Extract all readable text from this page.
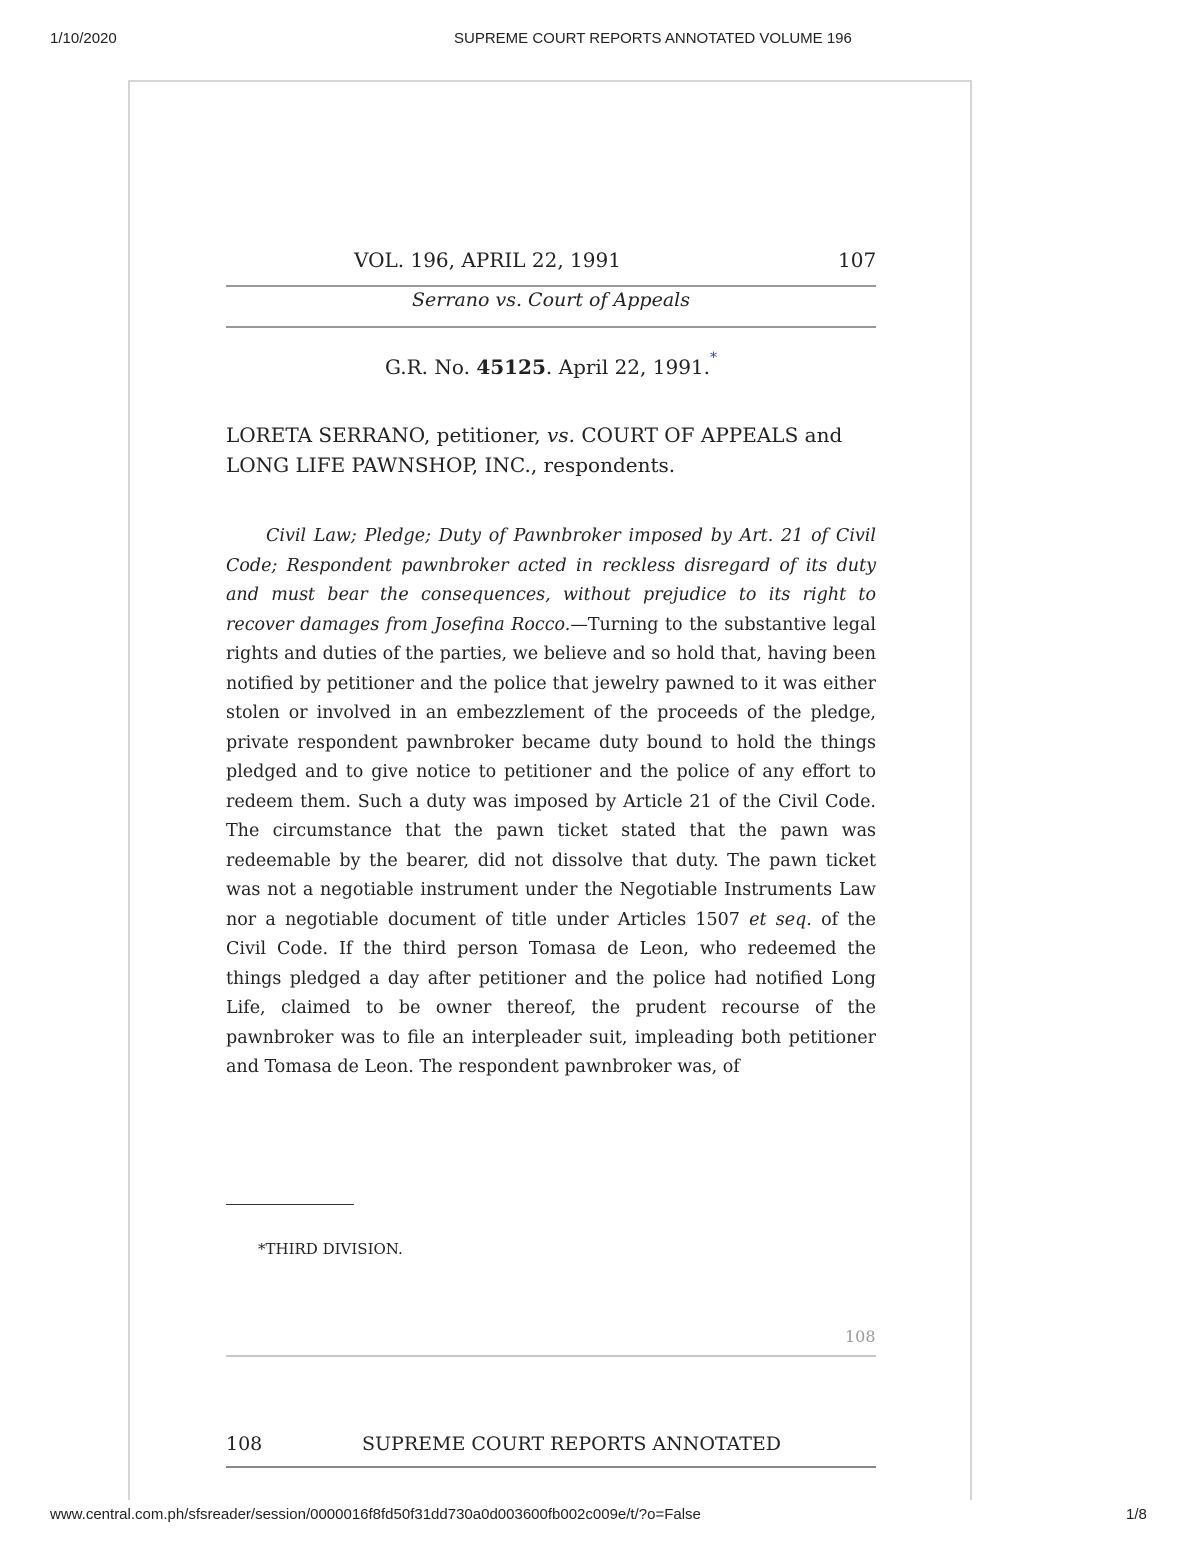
1/10/2020	SUPREME COURT REPORTS ANNOTATED VOLUME 196

VOL. 196, APRIL 22, 1991	107

Serrano vs. Court of Appeals

G.R. No. 45125. April 22, 1991.*

LORETA SERRANO, petitioner, vs. COURT OF APPEALS and LONG LIFE PAWNSHOP, INC., respondents.

Civil Law; Pledge; Duty of Pawnbroker imposed by Art. 21 of Civil Code; Respondent pawnbroker acted in reckless disregard of its duty and must bear the consequences, without prejudice to its right to recover damages from Josefina Rocco.—Turning to the substantive legal rights and duties of the parties, we believe and so hold that, having been notified by petitioner and the police that jewelry pawned to it was either stolen or involved in an embezzlement of the proceeds of the pledge, private respondent pawnbroker became duty bound to hold the things pledged and to give notice to petitioner and the police of any effort to redeem them. Such a duty was imposed by Article 21 of the Civil Code. The circumstance that the pawn ticket stated that the pawn was redeemable by the bearer, did not dissolve that duty. The pawn ticket was not a negotiable instrument under the Negotiable Instruments Law nor a negotiable document of title under Articles 1507 et seq. of the Civil Code. If the third person Tomasa de Leon, who redeemed the things pledged a day after petitioner and the police had notified Long Life, claimed to be owner thereof, the prudent recourse of the pawnbroker was to file an interpleader suit, impleading both petitioner and Tomasa de Leon. The respondent pawnbroker was, of

*THIRD DIVISION.

108

108	SUPREME COURT REPORTS ANNOTATED

www.central.com.ph/sfsreader/session/0000016f8fd50f31dd730a0d003600fb002c009e/t/?o=False	1/8
